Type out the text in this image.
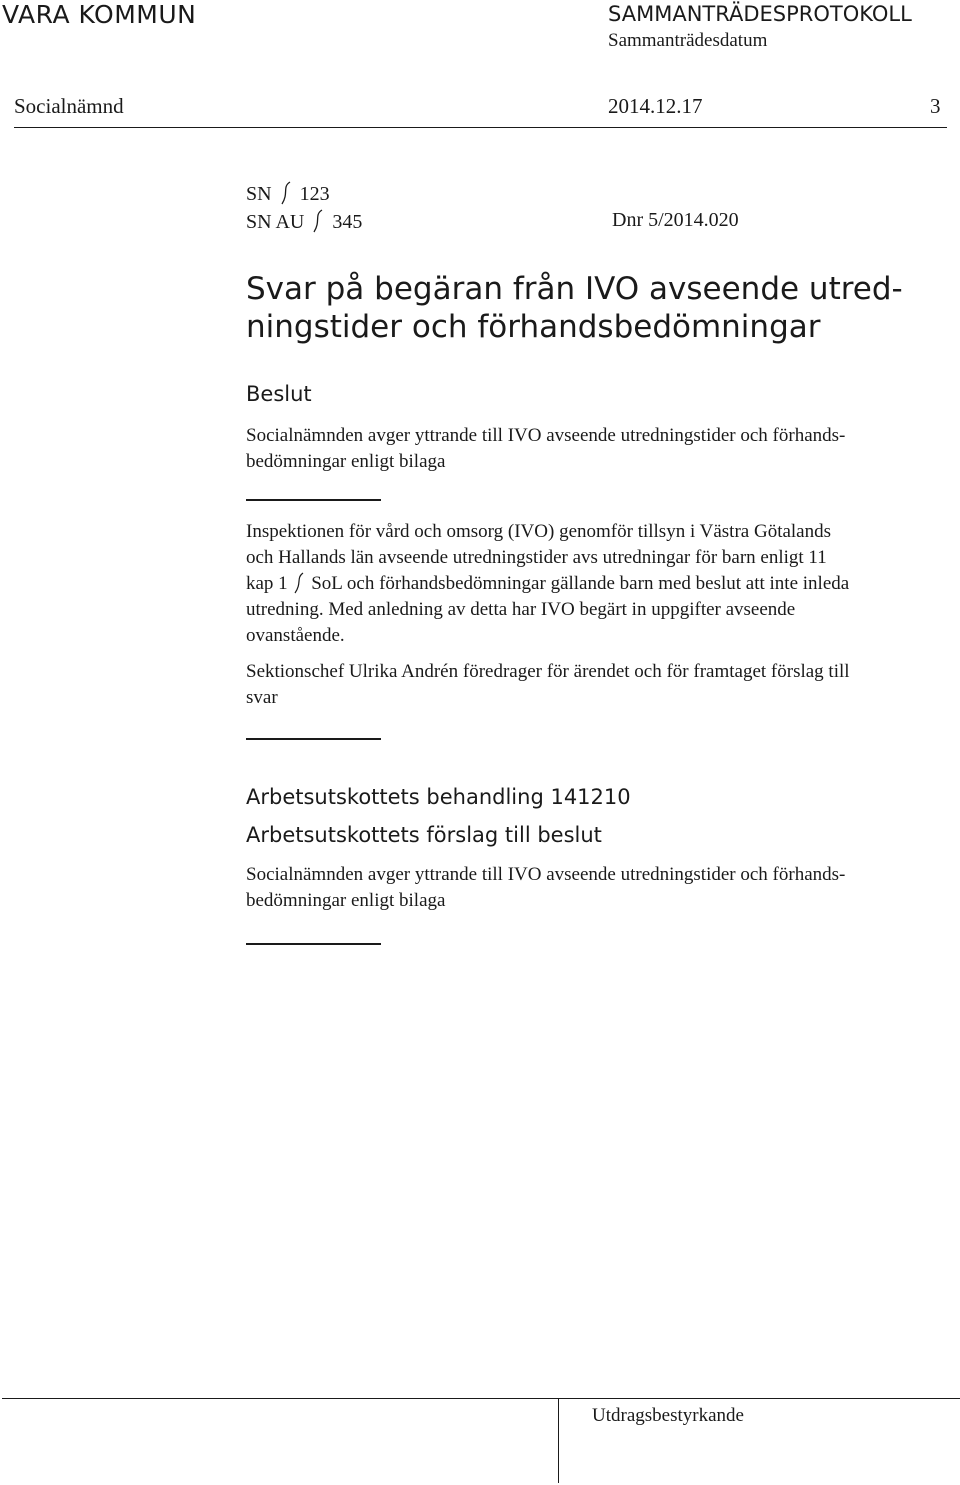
VARA KOMMUN	SAMMANTRÄDESPROTOKOLL
Sammanträdesdatum
Socialnämnd	2014.12.17	3
SN 123
SN AU 345	Dnr 5/2014.020
Svar på begäran från IVO avseende utred-
ningstider och förhandsbedömningar
Beslut
Socialnämnden avger yttrande till IVO avseende utredningstider och förhands-
bedömningar enligt bilaga
Inspektionen för vård och omsorg (IVO) genomför tillsyn i Västra Götalands
och Hallands län avseende utredningstider avs utredningar för barn enligt 11
kap 1 SoL och förhandsbedömningar gällande barn med beslut att inte inleda
utredning. Med anledning av detta har IVO begärt in uppgifter avseende
ovanstående.
Sektionschef Ulrika Andrén föredrager för ärendet och för framtaget förslag till
svar
Arbetsutskottets behandling 141210
Arbetsutskottets förslag till beslut
Socialnämnden avger yttrande till IVO avseende utredningstider och förhands-
bedömningar enligt bilaga
Utdragsbestyrkande
